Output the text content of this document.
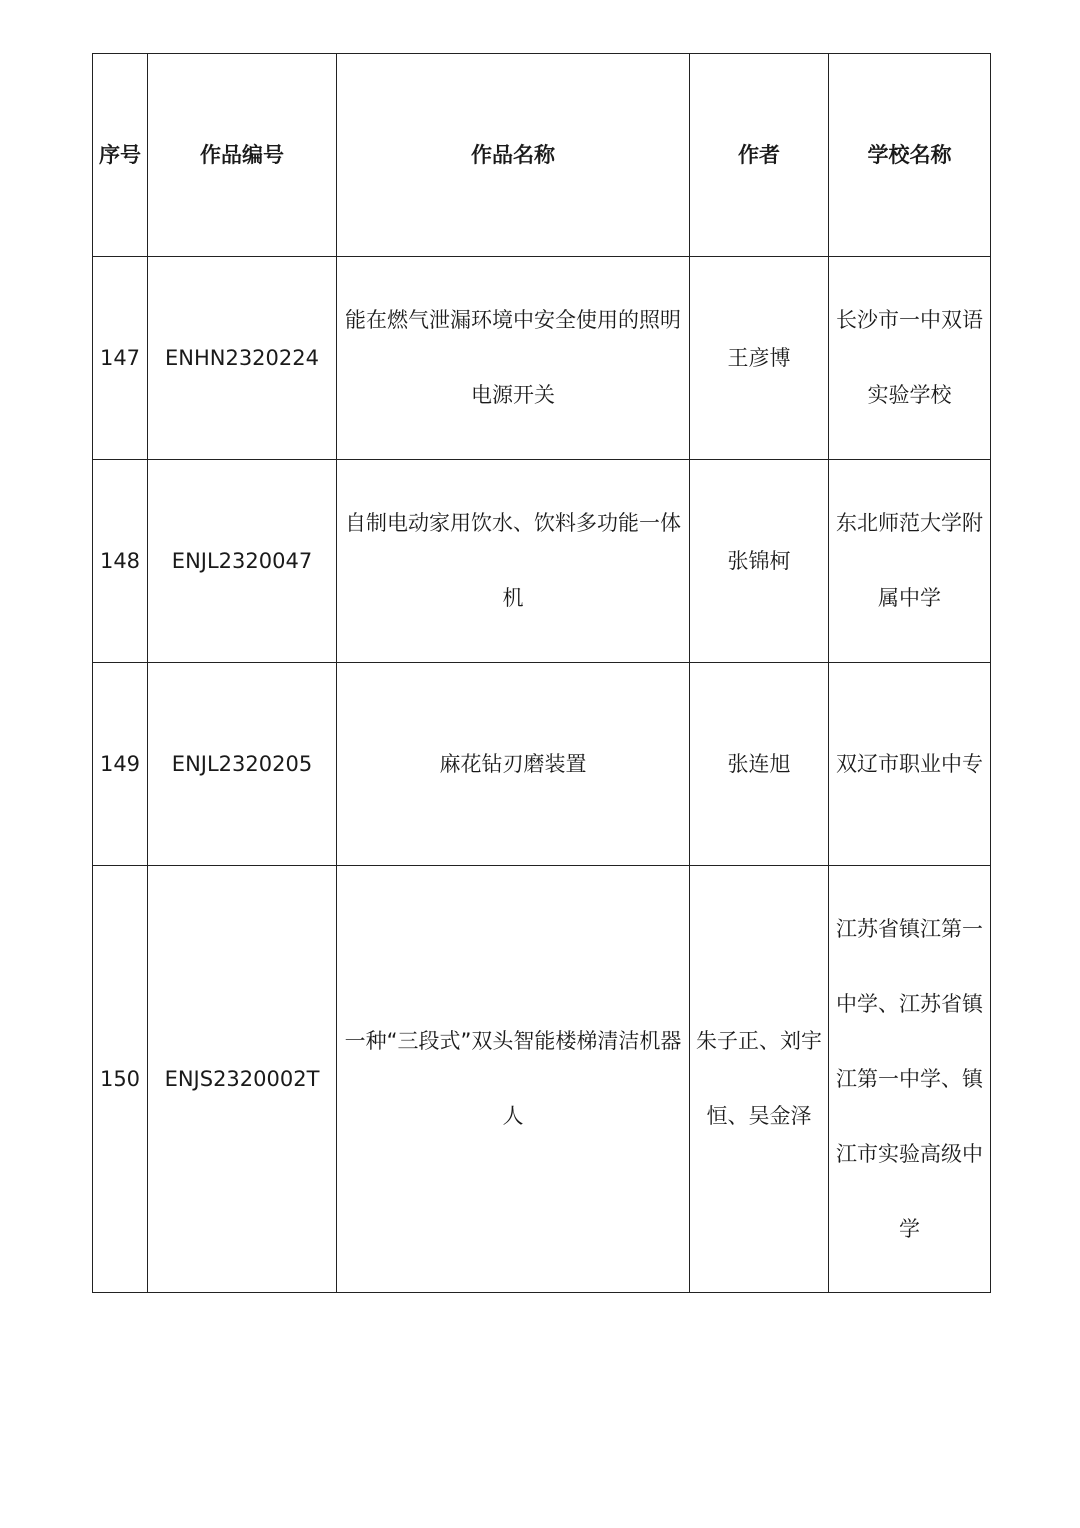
序号	作品编号	作品名称	作者	学校名称
147	ENHN2320224	能在燃气泄漏环境中安全使用的照明电源开关	王彦博	长沙市一中双语实验学校
148	ENJL2320047	自制电动家用饮水、饮料多功能一体机	张锦柯	东北师范大学附属中学
149	ENJL2320205	麻花钻刃磨装置	张连旭	双辽市职业中专
150	ENJS2320002T	一种“三段式”双头智能楼梯清洁机器人	朱子正、刘宇恒、吴金泽	江苏省镇江第一中学、江苏省镇江第一中学、镇江市实验高级中学
